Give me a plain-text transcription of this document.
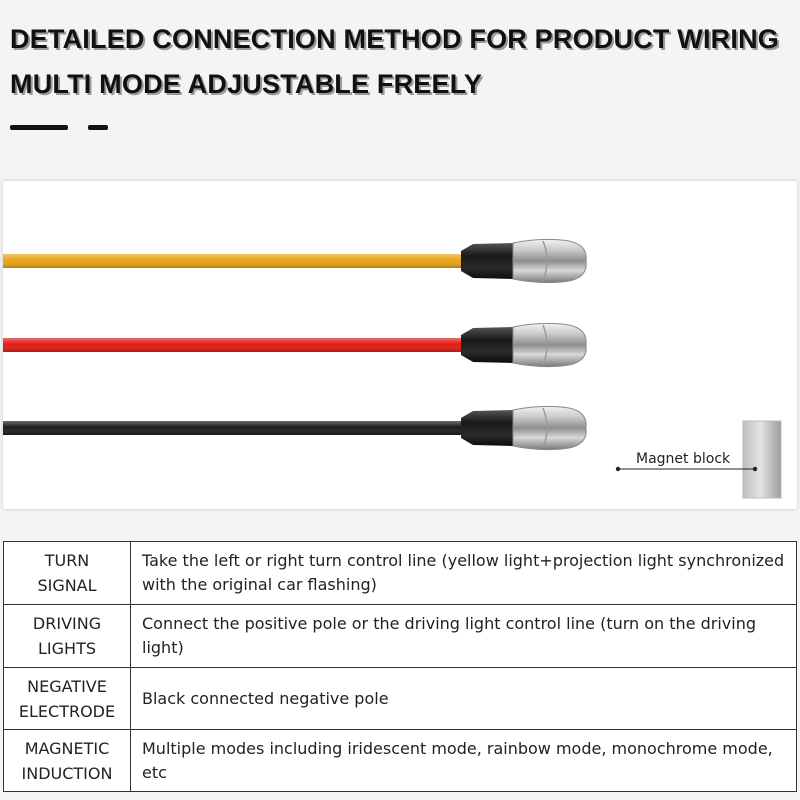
DETAILED CONNECTION METHOD FOR PRODUCT WIRING
MULTI MODE ADJUSTABLE FREELY
Magnet block
TURN
SIGNAL	Take the left or right turn control line (yellow light+projection light synchronized with the original car flashing)

DRIVING
LIGHTS	Connect the positive pole or the driving light control line (turn on the driving light)

NEGATIVE
ELECTRODE	Black connected negative pole

MAGNETIC
INDUCTION	Multiple modes including iridescent mode, rainbow mode, monochrome mode, etc
